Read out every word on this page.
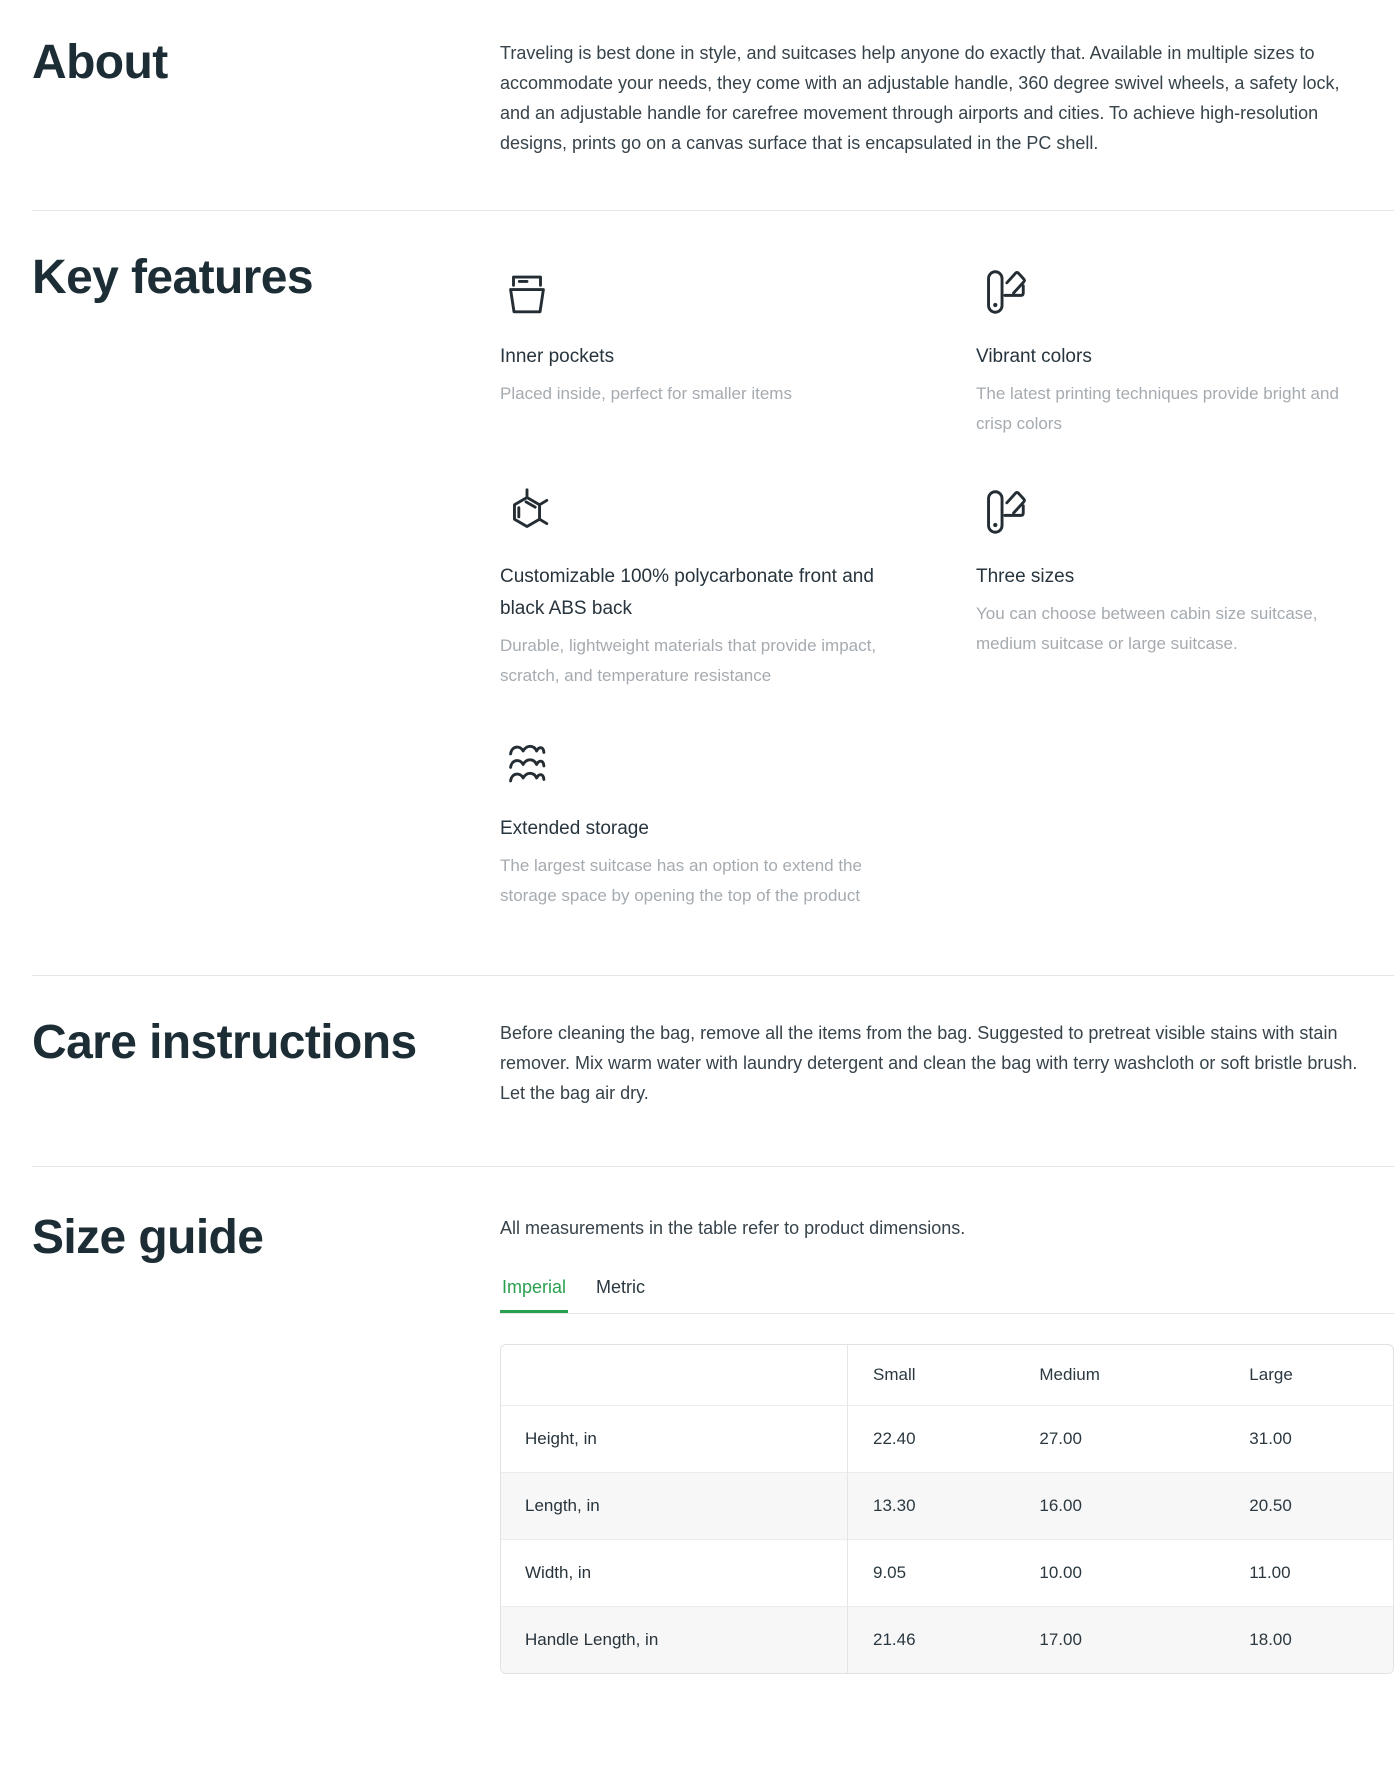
About	Traveling is best done in style, and suitcases help anyone do exactly that. Available in multiple sizes to accommodate your needs, they come with an adjustable handle, 360 degree swivel wheels, a safety lock, and an adjustable handle for carefree movement through airports and cities. To achieve high-resolution designs, prints go on a canvas surface that is encapsulated in the PC shell.

Key features

Inner pockets

Placed inside, perfect for smaller items

Vibrant colors

The latest printing techniques provide bright and crisp colors

Customizable 100% polycarbonate front and black ABS back

Durable, lightweight materials that provide impact, scratch, and temperature resistance

Three sizes

You can choose between cabin size suitcase, medium suitcase or large suitcase.

Extended storage

The largest suitcase has an option to extend the storage space by opening the top of the product

Care instructions	Before cleaning the bag, remove all the items from the bag. Suggested to pretreat visible stains with stain remover. Mix warm water with laundry detergent and clean the bag with terry washcloth or soft bristle brush. Let the bag air dry.

Size guide	All measurements in the table refer to product dimensions.

Imperial Metric
	Small	Medium	Large
Height, in	22.40	27.00	31.00
Length, in	13.30	16.00	20.50
Width, in	9.05	10.00	11.00
Handle Length, in	21.46	17.00	18.00
